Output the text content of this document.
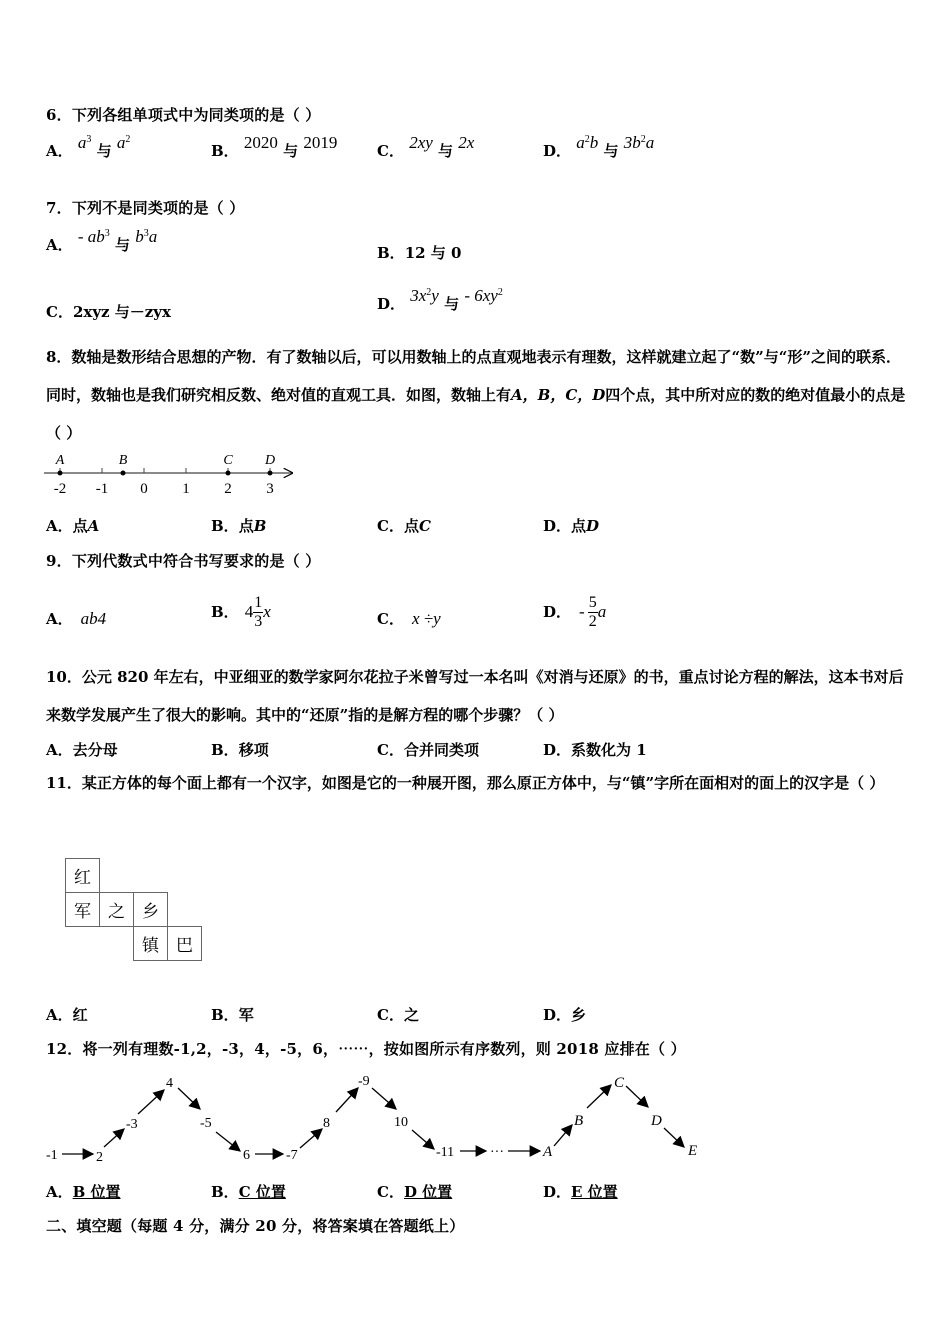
6．下列各组单项式中为同类项的是（ ）
A． $a^3$ 与 $a^2$
B． 2020 与 2019	C． 2xy 与 2x	D． $a^2b$ 与 $3b^2a$
7．下列不是同类项的是（ ）
A． - $ab^3$ 与 $b^3a$
B．12 与 0
C．2xyz 与－zyx	D． $3x^2y$ 与 - $6xy^2$
8．数轴是数形结合思想的产物．有了数轴以后，可以用数轴上的点直观地表示有理数，这样就建立起了“数”与“形”之间的联系．同时，数轴也是我们研究相反数、绝对值的直观工具．如图，数轴上有A，B，C，D四个点，其中所对应的数的绝对值最小的点是（ ）
-2 -1 0 1 2 3
A	B	C D
A．点A	B．点B	C．点C	D．点D
9．下列代数式中符合书写要求的是（ ）
A． ab4	B． $4 \frac{1}{3}$ x	C． x ÷y	D． - $\frac{5}{2}$ a
10．公元 820 年左右，中亚细亚的数学家阿尔花拉子米曾写过一本名叫《对消与还原》的书，重点讨论方程的解法，这本书对后来数学发展产生了很大的影响。其中的“还原”指的是解方程的哪个步骤？（ ）
A．去分母	B．移项	C．合并同类项	D．系数化为 1
11．某正方体的每个面上都有一个汉字，如图是它的一种展开图，那么原正方体中，与“镇”字所在面相对的面上的汉字是（ ）
红			
军	之	乡	
		镇	巴
A．红	B．军	C．之	D．乡
12．将一列有理数-1,2，-3，4，-5，6，⋯⋯，按如图所示有序数列，则 2018 应排在（ ）
-1	2
-3
4
-5
6	-7
8
-9
10
-11	···	A
B
C
D
E
A．B 位置	B．C 位置	C．D 位置	D．E 位置
二、填空题（每题 4 分，满分 20 分，将答案填在答题纸上）
